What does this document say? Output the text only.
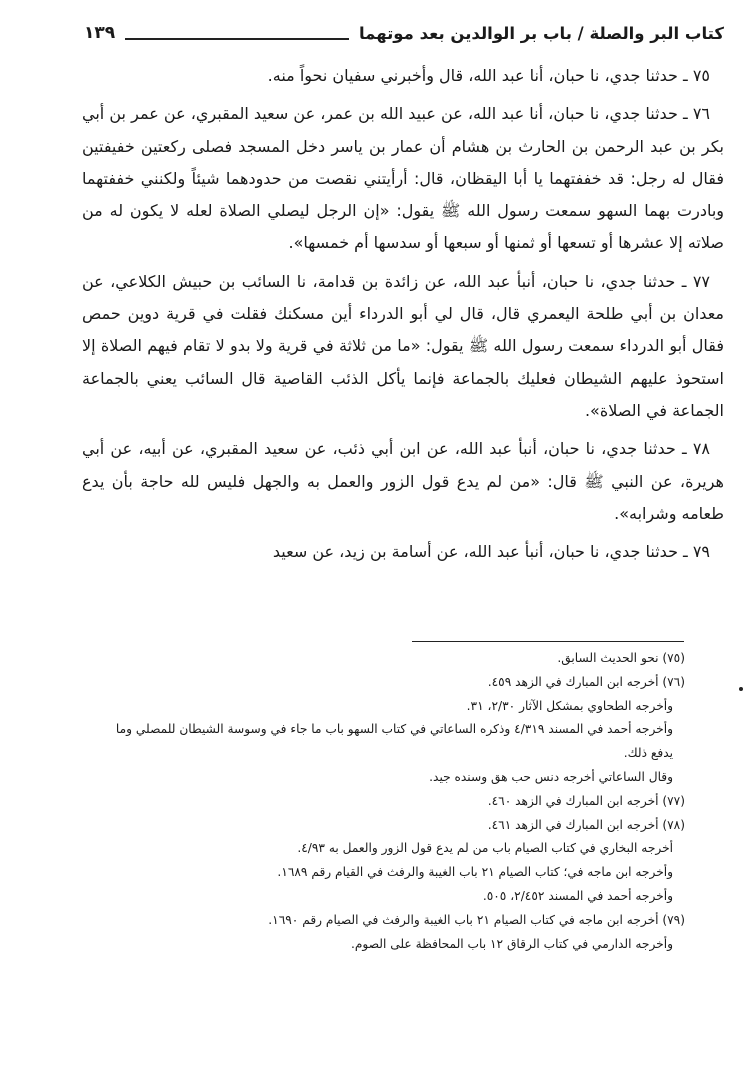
كتاب البر والصلة / باب بر الوالدين بعد موتهما
١٣٩

٧٥ ـ حدثنا جدي، نا حبان، أنا عبد الله، قال وأخبرني سفيان نحواً منه.

٧٦ ـ حدثنا جدي، نا حبان، أنا عبد الله، عن عبيد الله بن عمر، عن سعيد المقبري، عن عمر بن أبي بكر بن عبد الرحمن بن الحارث بن هشام أن عمار بن ياسر دخل المسجد فصلى ركعتين خفيفتين فقال له رجل: قد خففتهما يا أبا اليقظان، قال: أرأيتني نقصت من حدودهما شيئاً ولكنني خففتهما وبادرت بهما السهو سمعت رسول الله ﷺ يقول: «إن الرجل ليصلي الصلاة لعله لا يكون له من صلاته إلا عشرها أو تسعها أو ثمنها أو سبعها أو سدسها أم خمسها».

٧٧ ـ حدثنا جدي، نا حبان، أنبأ عبد الله، عن زائدة بن قدامة، نا السائب بن حبيش الكلاعي، عن معدان بن أبي طلحة اليعمري قال، قال لي أبو الدرداء أين مسكنك فقلت في قرية دوين حمص فقال أبو الدرداء سمعت رسول الله ﷺ يقول: «ما من ثلاثة في قرية ولا بدو لا تقام فيهم الصلاة إلا استحوذ عليهم الشيطان فعليك بالجماعة فإنما يأكل الذئب القاصية قال السائب يعني بالجماعة الجماعة في الصلاة».

٧٨ ـ حدثنا جدي، نا حبان، أنبأ عبد الله، عن ابن أبي ذئب، عن سعيد المقبري، عن أبيه، عن أبي هريرة، عن النبي ﷺ قال: «من لم يدع قول الزور والعمل به والجهل فليس لله حاجة بأن يدع طعامه وشرابه».

٧٩ ـ حدثنا جدي، نا حبان، أنبأ عبد الله، عن أسامة بن زيد، عن سعيد

(٧٥) نحو الحديث السابق.
(٧٦) أخرجه ابن المبارك في الزهد ٤٥٩.
وأخرجه الطحاوي بمشكل الآثار ٢/٣٠، ٣١.
وأخرجه أحمد في المسند ٤/٣١٩ وذكره الساعاتي في كتاب السهو باب ما جاء في وسوسة الشيطان للمصلي وما يدفع ذلك.
وقال الساعاتي أخرجه دنس حب هق وسنده جيد.
(٧٧) أخرجه ابن المبارك في الزهد ٤٦٠.
(٧٨) أخرجه ابن المبارك في الزهد ٤٦١.
أخرجه البخاري في كتاب الصيام باب من لم يدع قول الزور والعمل به ٤/٩٣.
وأخرجه ابن ماجه في؛ كتاب الصيام ٢١ باب الغيبة والرفث في القيام رقم ١٦٨٩.
وأخرجه أحمد في المسند ٢/٤٥٢، ٥٠٥.
(٧٩) أخرجه ابن ماجه في كتاب الصيام ٢١ باب الغيبة والرفث في الصيام رقم ١٦٩٠.
وأخرجه الدارمي في كتاب الرقاق ١٢ باب المحافظة على الصوم.
